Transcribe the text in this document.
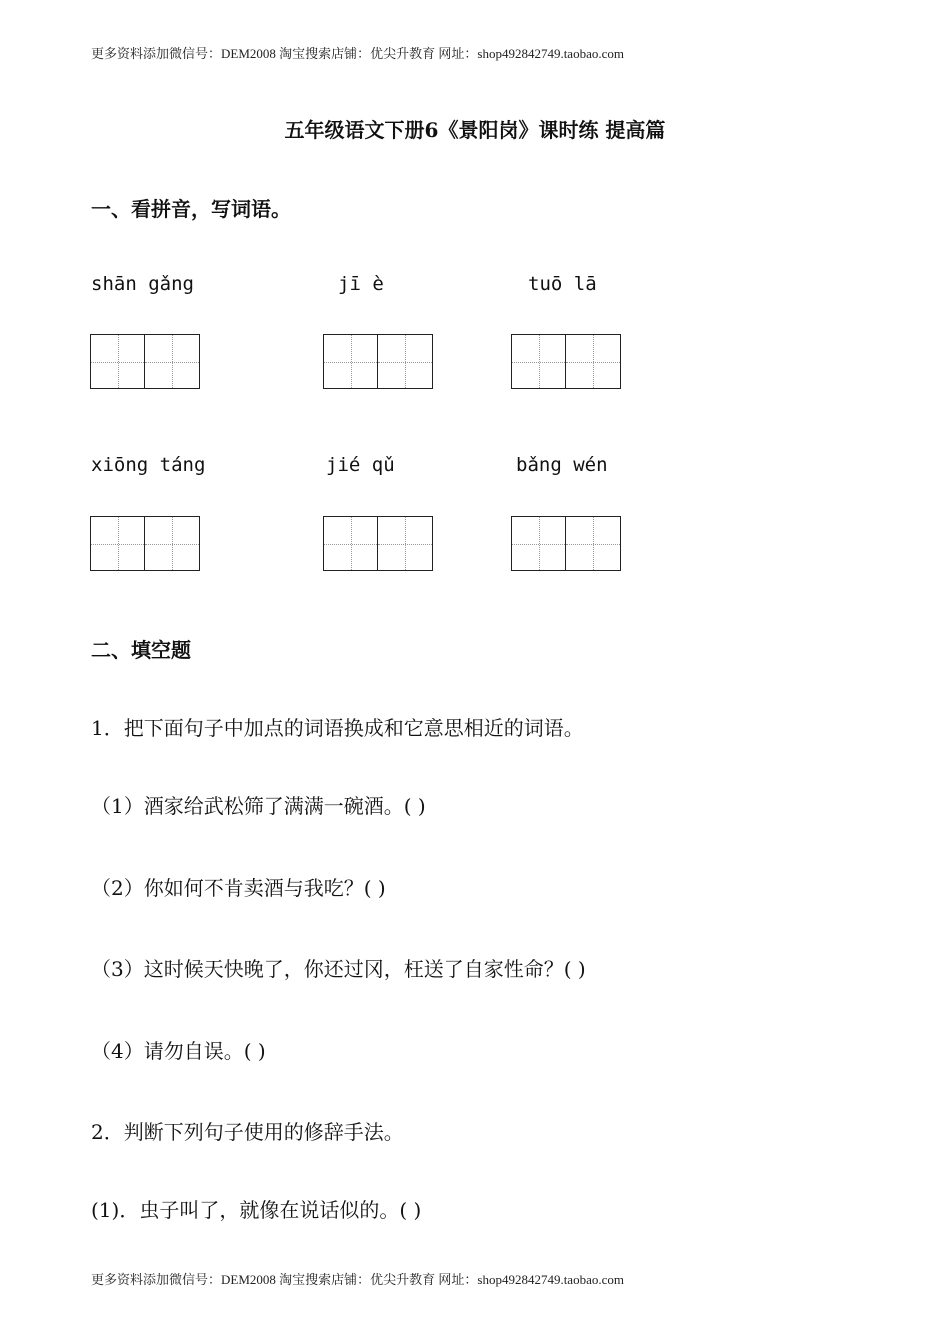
更多资料添加微信号：DEM2008 淘宝搜索店铺：优尖升教育 网址：shop492842749.taobao.com
五年级语文下册6《景阳岗》课时练 提高篇
一、看拼音，写词语。
shān gǎng	jī è	tuō lā
xiōng táng	jié qǔ	bǎng wén
二、填空题
1．把下面句子中加点的词语换成和它意思相近的词语。
（1）酒家给武松筛了满满一碗酒。( )
（2）你如何不肯卖酒与我吃？( )
（3）这时候天快晚了，你还过冈，枉送了自家性命？( )
（4）请勿自误。( )
2．判断下列句子使用的修辞手法。
(1)．虫子叫了，就像在说话似的。( )
更多资料添加微信号：DEM2008 淘宝搜索店铺：优尖升教育 网址：shop492842749.taobao.com
